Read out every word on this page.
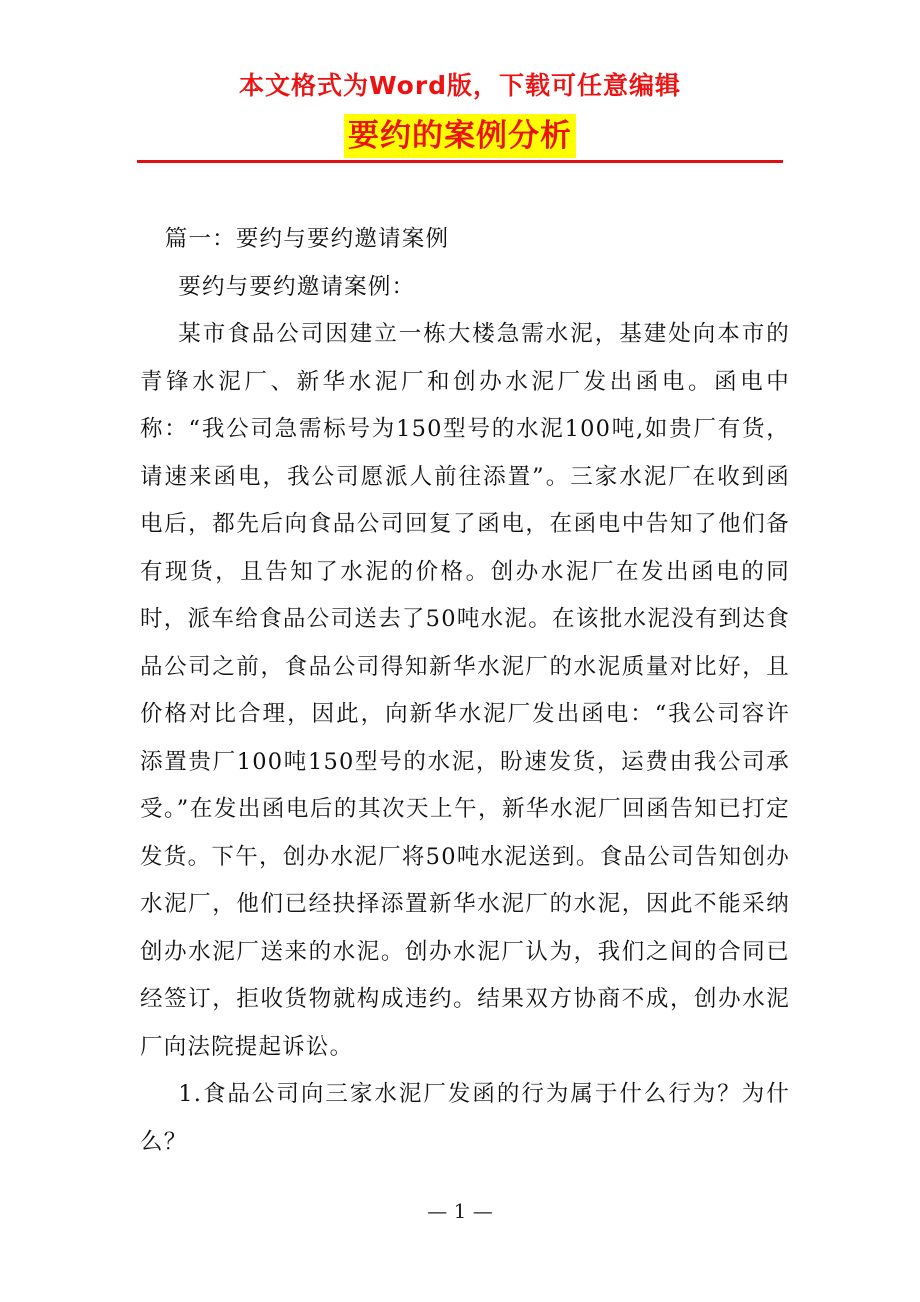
本文格式为Word版，下载可任意编辑
要约的案例分析

篇一：要约与要约邀请案例

要约与要约邀请案例：

某市食品公司因建立一栋大楼急需水泥，基建处向本市的青锋水泥厂、新华水泥厂和创办水泥厂发出函电。函电中称：“我公司急需标号为150型号的水泥100吨,如贵厂有货，请速来函电，我公司愿派人前往添置”。三家水泥厂在收到函电后，都先后向食品公司回复了函电，在函电中告知了他们备有现货，且告知了水泥的价格。创办水泥厂在发出函电的同时，派车给食品公司送去了50吨水泥。在该批水泥没有到达食品公司之前，食品公司得知新华水泥厂的水泥质量对比好，且价格对比合理，因此，向新华水泥厂发出函电：“我公司容许添置贵厂100吨150型号的水泥，盼速发货，运费由我公司承受。”在发出函电后的其次天上午，新华水泥厂回函告知已打定发货。下午，创办水泥厂将50吨水泥送到。食品公司告知创办水泥厂，他们已经抉择添置新华水泥厂的水泥，因此不能采纳创办水泥厂送来的水泥。创办水泥厂认为，我们之间的合同已经签订，拒收货物就构成违约。结果双方协商不成，创办水泥厂向法院提起诉讼。

1.食品公司向三家水泥厂发函的行为属于什么行为？为什么？

— 1 —
